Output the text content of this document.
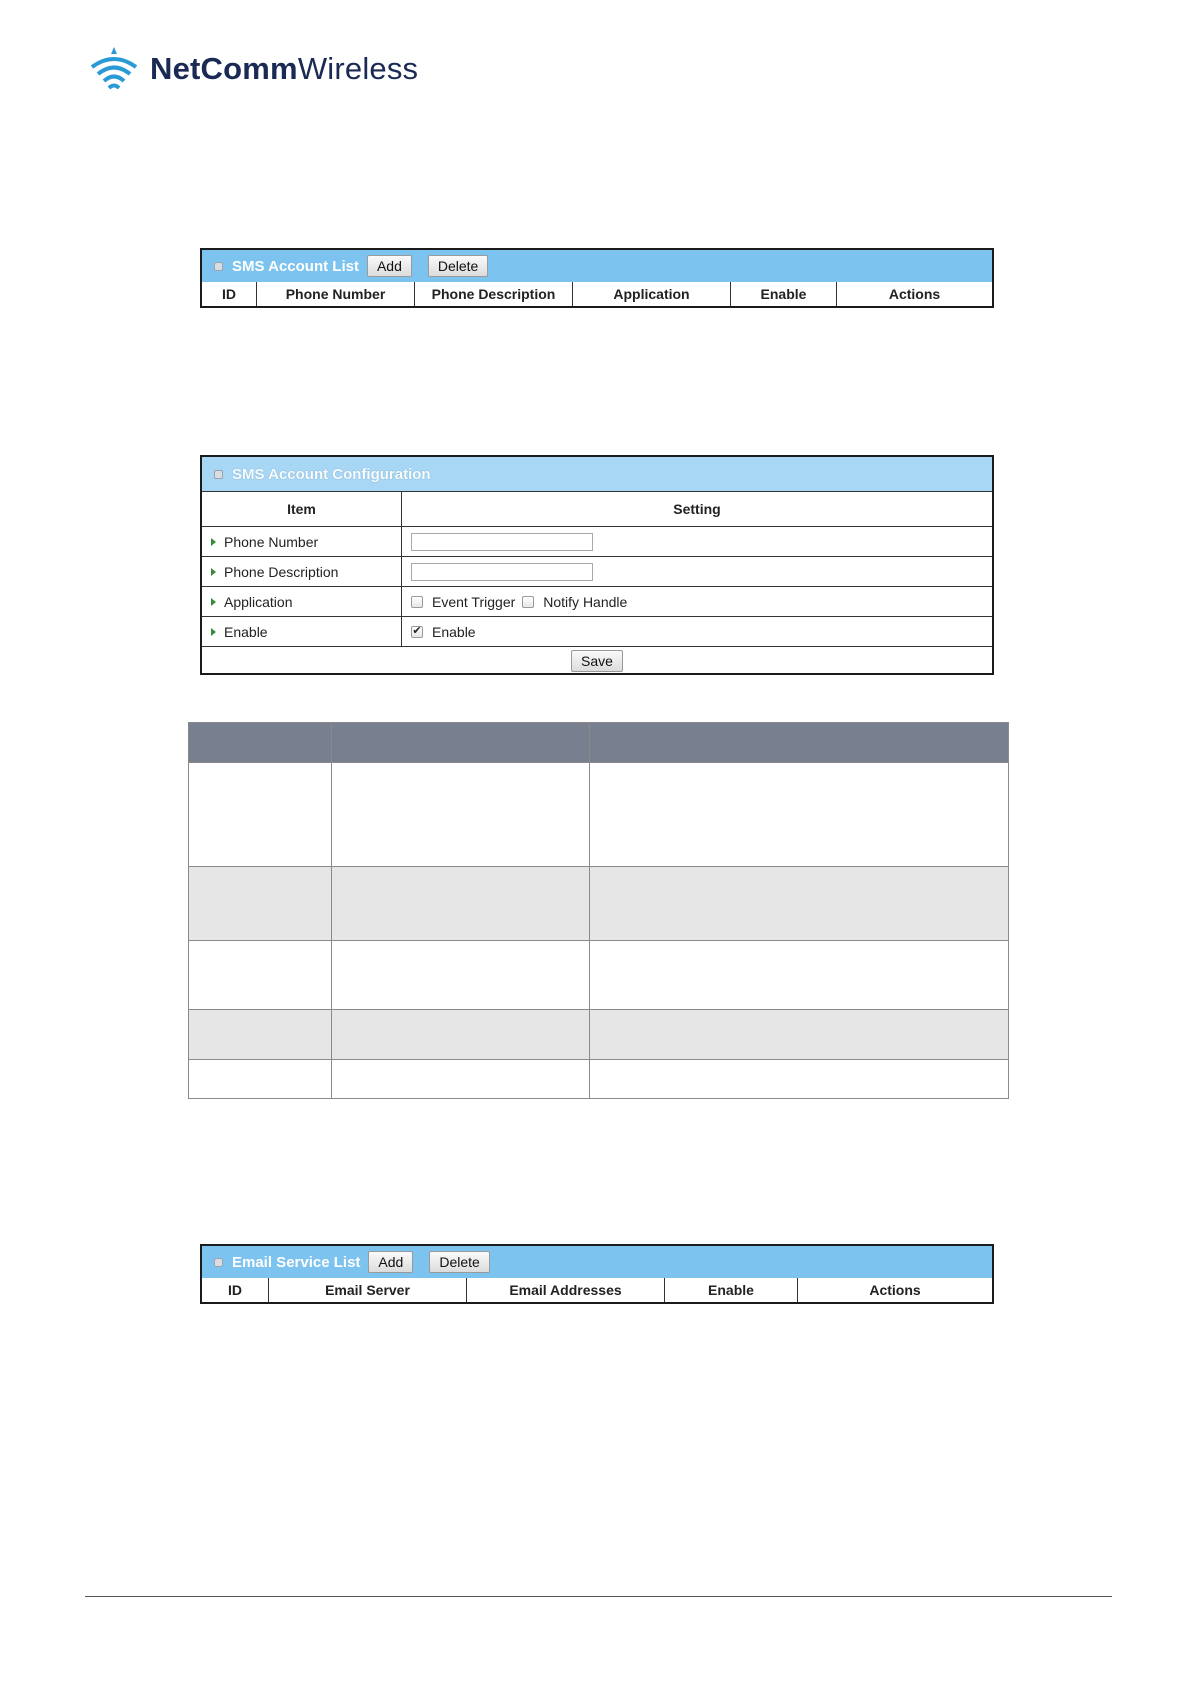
NetCommWireless
SMS Account List	Add	Delete
ID	Phone Number	Phone Description	Application	Enable	Actions
SMS Account Configuration
Item	Setting
Phone Number
Phone Description
Application	Event Trigger Notify Handle
Enable	✔ Enable
Save

Email Service List	Add	Delete
ID	Email Server	Email Addresses	Enable	Actions
